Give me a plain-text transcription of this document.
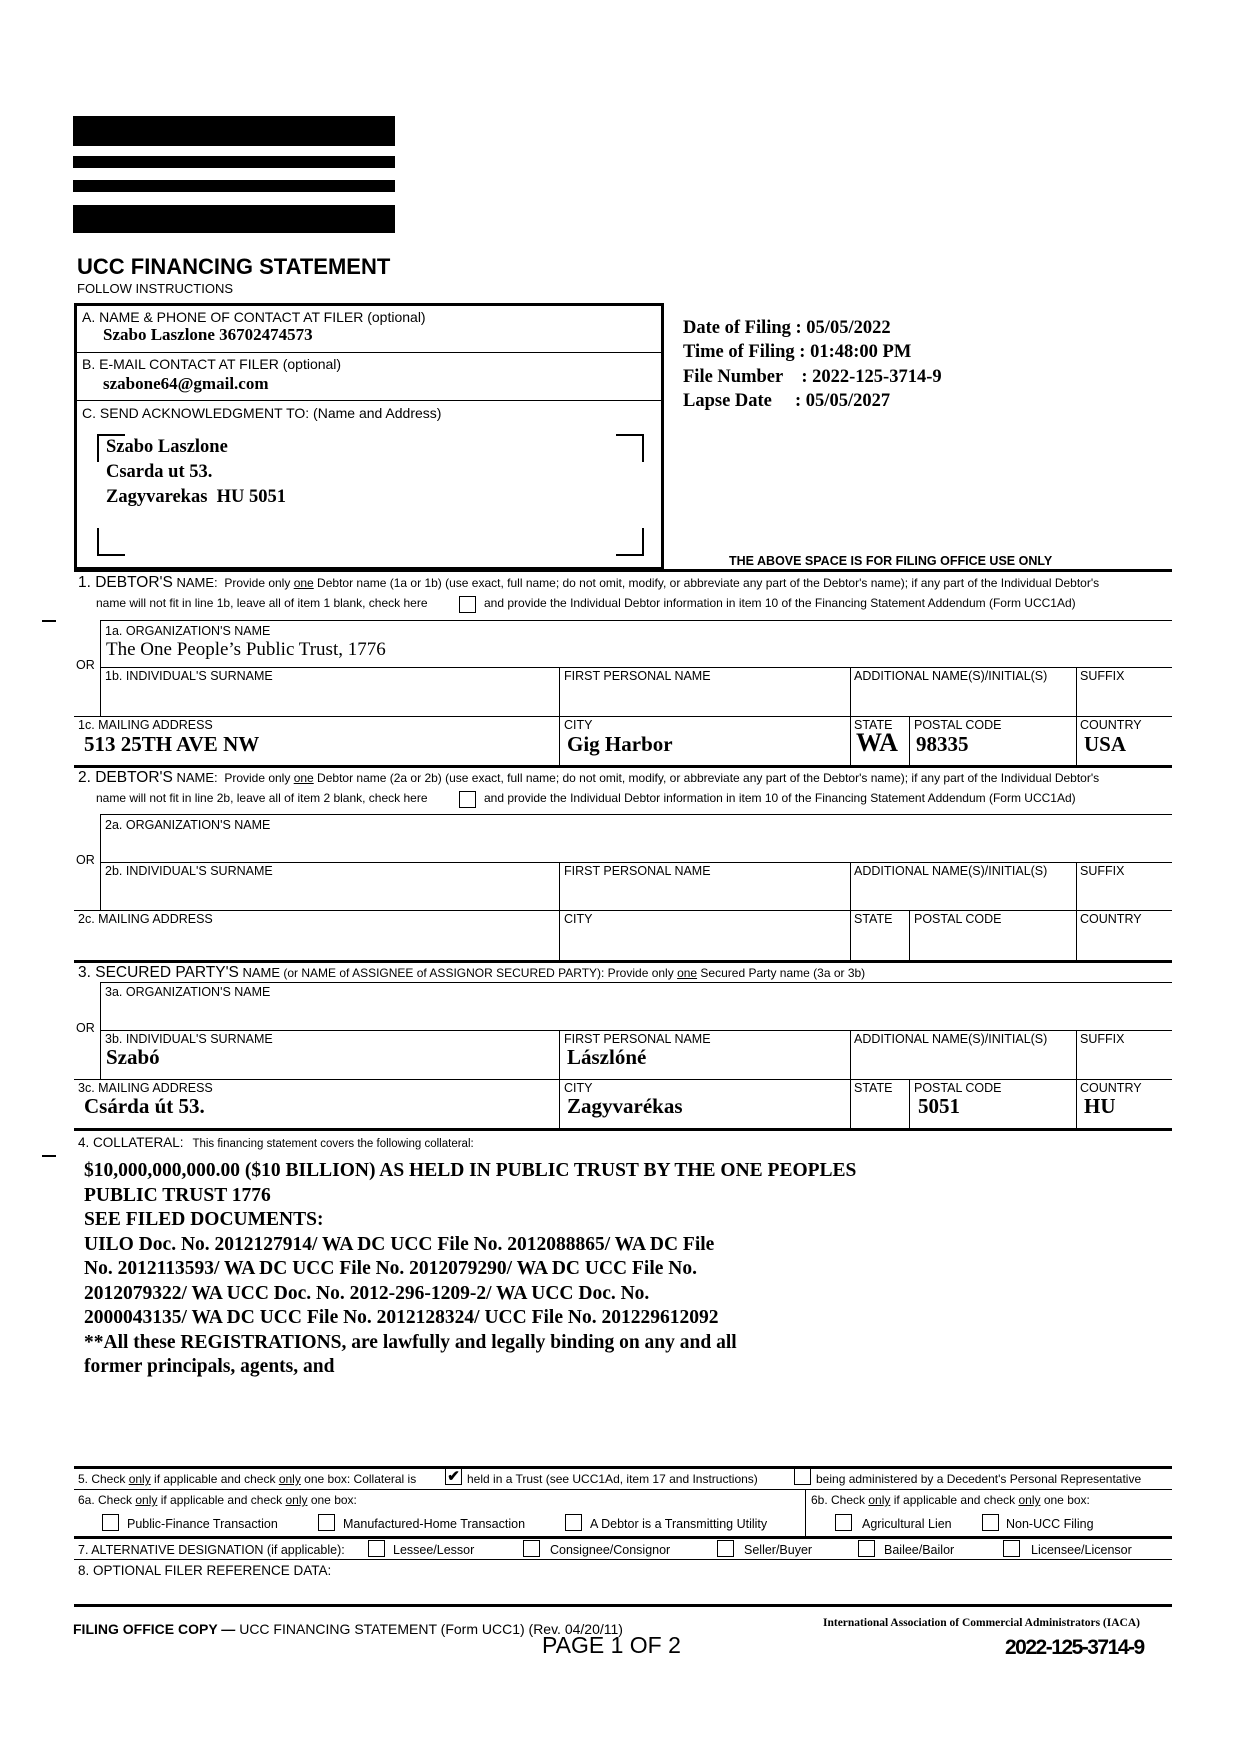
UCC FINANCING STATEMENT
FOLLOW INSTRUCTIONS
A. NAME & PHONE OF CONTACT AT FILER (optional)
Szabo Laszlone 36702474573
B. E-MAIL CONTACT AT FILER (optional)
szabone64@gmail.com
C. SEND ACKNOWLEDGMENT TO: (Name and Address)
Szabo Laszlone
Csarda ut 53.
Zagyvarekas  HU 5051
Date of Filing : 05/05/2022
Time of Filing : 01:48:00 PM
File Number    : 2022-125-3714-9
Lapse Date     : 05/05/2027
THE ABOVE SPACE IS FOR FILING OFFICE USE ONLY
1. DEBTOR'S NAME: Provide only one Debtor name (1a or 1b) (use exact, full name; do not omit, modify, or abbreviate any part of the Debtor's name); if any part of the Individual Debtor's
name will not fit in line 1b, leave all of item 1 blank, check here	and provide the Individual Debtor information in item 10 of the Financing Statement Addendum (Form UCC1Ad)
1a. ORGANIZATION'S NAME
The One People’s Public Trust, 1776
OR
1b. INDIVIDUAL'S SURNAME	FIRST PERSONAL NAME	ADDITIONAL NAME(S)/INITIAL(S)	SUFFIX
1c. MAILING ADDRESS
513 25TH AVE NW
CITY
Gig Harbor
STATE
WA
POSTAL CODE
98335
COUNTRY
USA
2. DEBTOR'S NAME: Provide only one Debtor name (2a or 2b) (use exact, full name; do not omit, modify, or abbreviate any part of the Debtor's name); if any part of the Individual Debtor's
name will not fit in line 2b, leave all of item 2 blank, check here	and provide the Individual Debtor information in item 10 of the Financing Statement Addendum (Form UCC1Ad)
2a. ORGANIZATION'S NAME
OR
2b. INDIVIDUAL'S SURNAME	FIRST PERSONAL NAME	ADDITIONAL NAME(S)/INITIAL(S)	SUFFIX
2c. MAILING ADDRESS	CITY	STATE POSTAL CODE	COUNTRY
3. SECURED PARTY'S NAME (or NAME of ASSIGNEE of ASSIGNOR SECURED PARTY): Provide only one Secured Party name (3a or 3b)
3a. ORGANIZATION'S NAME
OR
3b. INDIVIDUAL'S SURNAME
Szabó
FIRST PERSONAL NAME
Lászlóné
ADDITIONAL NAME(S)/INITIAL(S)	SUFFIX
3c. MAILING ADDRESS
Csárda út 53.
CITY
Zagyvarékas
STATE POSTAL CODE
5051
COUNTRY
HU
4. COLLATERAL: This financing statement covers the following collateral:
$10,000,000,000.00 ($10 BILLION) AS HELD IN PUBLIC TRUST BY THE ONE PEOPLES
PUBLIC TRUST 1776
SEE FILED DOCUMENTS:
UILO Doc. No. 2012127914/ WA DC UCC File No. 2012088865/ WA DC File
No. 2012113593/ WA DC UCC File No. 2012079290/ WA DC UCC File No.
2012079322/ WA UCC Doc. No. 2012-296-1209-2/ WA UCC Doc. No.
2000043135/ WA DC UCC File No. 2012128324/ UCC File No. 201229612092
**All these REGISTRATIONS, are lawfully and legally binding on any and all
former principals, agents, and
5. Check only if applicable and check only one box: Collateral is ✔ held in a Trust (see UCC1Ad, item 17 and Instructions)	being administered by a Decedent's Personal Representative
6a. Check only if applicable and check only one box:
Public-Finance Transaction	Manufactured-Home Transaction	A Debtor is a Transmitting Utility
6b. Check only if applicable and check only one box:
Agricultural Lien	Non-UCC Filing
7. ALTERNATIVE DESIGNATION (if applicable):	Lessee/Lessor	Consignee/Consignor	Seller/Buyer	Bailee/Bailor	Licensee/Licensor
8. OPTIONAL FILER REFERENCE DATA:
FILING OFFICE COPY — UCC FINANCING STATEMENT (Form UCC1) (Rev. 04/20/11)
PAGE 1 OF 2
International Association of Commercial Administrators (IACA)
2022-125-3714-9
